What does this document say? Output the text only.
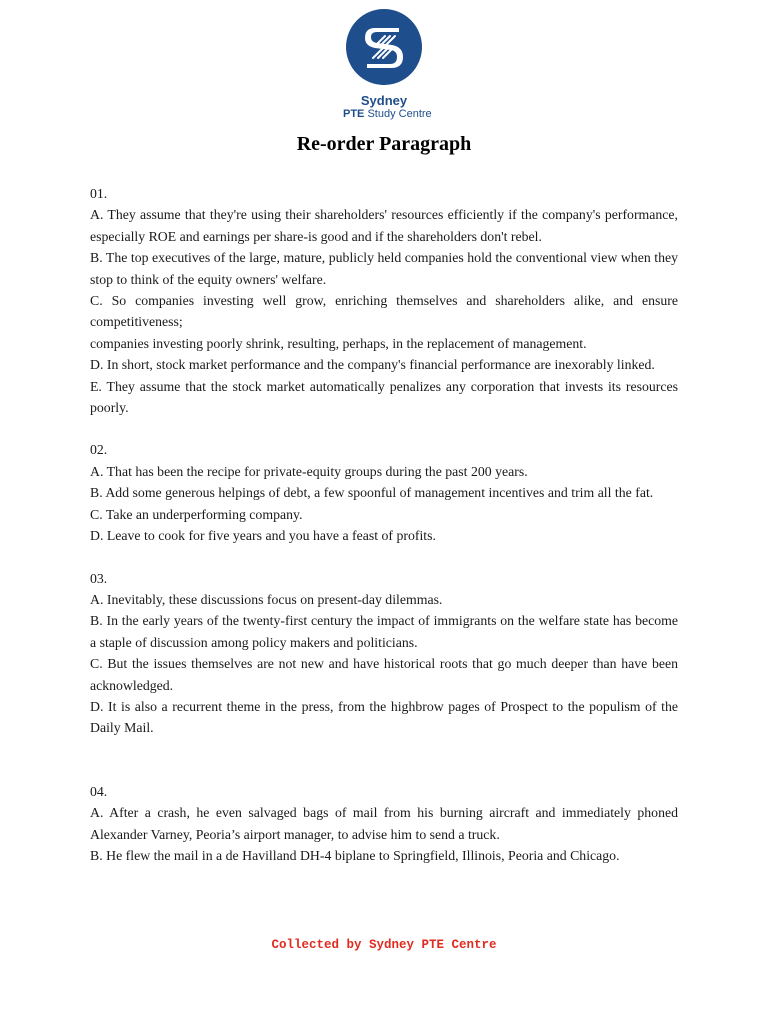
Sydney
PTE Study Centre
Re-order Paragraph

01.

A. They assume that they're using their shareholders' resources efficiently if the company's performance, especially ROE and earnings per share-is good and if the shareholders don't rebel.

B. The top executives of the large, mature, publicly held companies hold the conventional view when they stop to think of the equity owners' welfare.

C. So companies investing well grow, enriching themselves and shareholders alike, and ensure competitiveness;

companies investing poorly shrink, resulting, perhaps, in the replacement of management.

D. In short, stock market performance and the company's financial performance are inexorably linked.

E. They assume that the stock market automatically penalizes any corporation that invests its resources poorly.

02.

A. That has been the recipe for private-equity groups during the past 200 years.

B. Add some generous helpings of debt, a few spoonful of management incentives and trim all the fat.

C. Take an underperforming company.

D. Leave to cook for five years and you have a feast of profits.

03.

A. Inevitably, these discussions focus on present-day dilemmas.

B. In the early years of the twenty-first century the impact of immigrants on the welfare state has become a staple of discussion among policy makers and politicians.

C. But the issues themselves are not new and have historical roots that go much deeper than have been acknowledged.

D. It is also a recurrent theme in the press, from the highbrow pages of Prospect to the populism of the Daily Mail.

04.

A. After a crash, he even salvaged bags of mail from his burning aircraft and immediately phoned Alexander Varney, Peoria’s airport manager, to advise him to send a truck.

B. He flew the mail in a de Havilland DH-4 biplane to Springfield, Illinois, Peoria and Chicago.

Collected by Sydney PTE Centre
